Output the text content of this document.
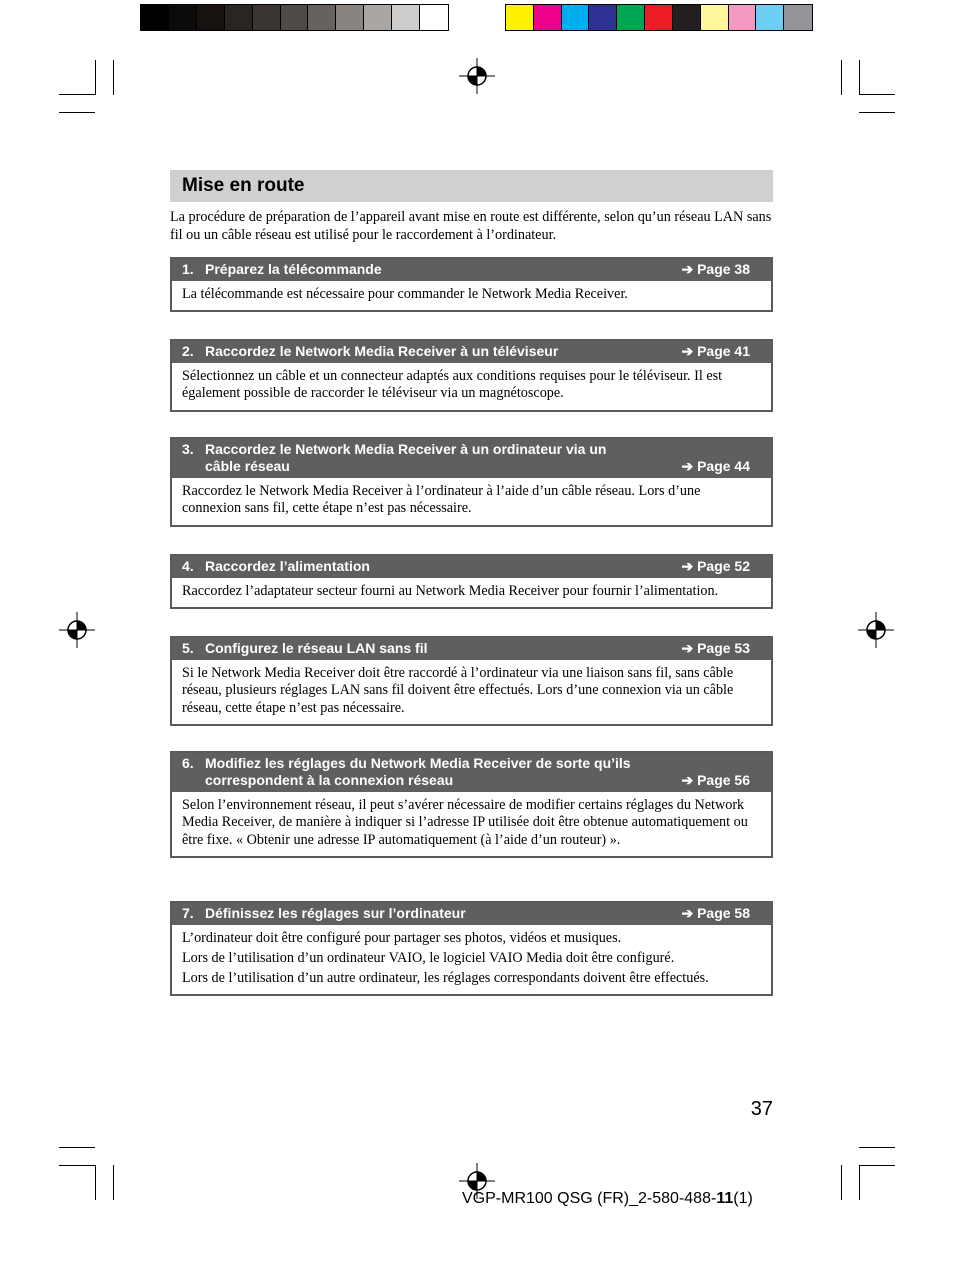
Mise en route
La procédure de préparation de l’appareil avant mise en route est différente, selon qu’un réseau LAN sans fil ou un câble réseau est utilisé pour le raccordement à l’ordinateur.
1. Préparez la télécommande	➔ Page 38

La télécommande est nécessaire pour commander le Network Media Receiver.

2. Raccordez le Network Media Receiver à un téléviseur	➔ Page 41

Sélectionnez un câble et un connecteur adaptés aux conditions requises pour le téléviseur. Il est également possible de raccorder le téléviseur via un magnétoscope.

3. Raccordez le Network Media Receiver à un ordinateur via un câble réseau	➔ Page 44

Raccordez le Network Media Receiver à l’ordinateur à l’aide d’un câble réseau. Lors d’une connexion sans fil, cette étape n’est pas nécessaire.

4. Raccordez l’alimentation	➔ Page 52

Raccordez l’adaptateur secteur fourni au Network Media Receiver pour fournir l’alimentation.

5. Configurez le réseau LAN sans fil	➔ Page 53

Si le Network Media Receiver doit être raccordé à l’ordinateur via une liaison sans fil, sans câble réseau, plusieurs réglages LAN sans fil doivent être effectués. Lors d’une connexion via un câble réseau, cette étape n’est pas nécessaire.

6. Modifiez les réglages du Network Media Receiver de sorte qu’ils correspondent à la connexion réseau	➔ Page 56

Selon l’environnement réseau, il peut s’avérer nécessaire de modifier certains réglages du Network Media Receiver, de manière à indiquer si l’adresse IP utilisée doit être obtenue automatiquement ou être fixe. « Obtenir une adresse IP automatiquement (à l’aide d’un routeur) ».

7. Définissez les réglages sur l’ordinateur	➔ Page 58

L’ordinateur doit être configuré pour partager ses photos, vidéos et musiques.

Lors de l’utilisation d’un ordinateur VAIO, le logiciel VAIO Media doit être configuré.

Lors de l’utilisation d’un autre ordinateur, les réglages correspondants doivent être effectués.

37
VGP-MR100 QSG (FR)_2-580-488-11(1)
